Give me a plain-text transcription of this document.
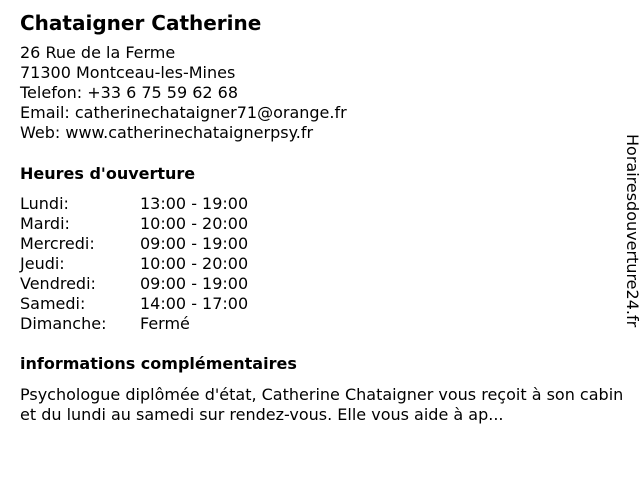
Chataigner Catherine
26 Rue de la Ferme
71300 Montceau-les-Mines
Telefon: +33 6 75 59 62 68
Email: catherinechataigner71@orange.fr
Web: www.catherinechataignerpsy.fr
Heures d'ouverture
Lundi:	13:00 - 19:00
Mardi:	10:00 - 20:00
Mercredi:	09:00 - 19:00
Jeudi:	10:00 - 20:00
Vendredi:	09:00 - 19:00
Samedi:	14:00 - 17:00
Dimanche:	Fermé
informations complémentaires
Psychologue diplômée d'état, Catherine Chataigner vous reçoit à son cabinet du lundi au samedi sur rendez-vous. Elle vous aide à ap...
Horairesdouverture24.fr
